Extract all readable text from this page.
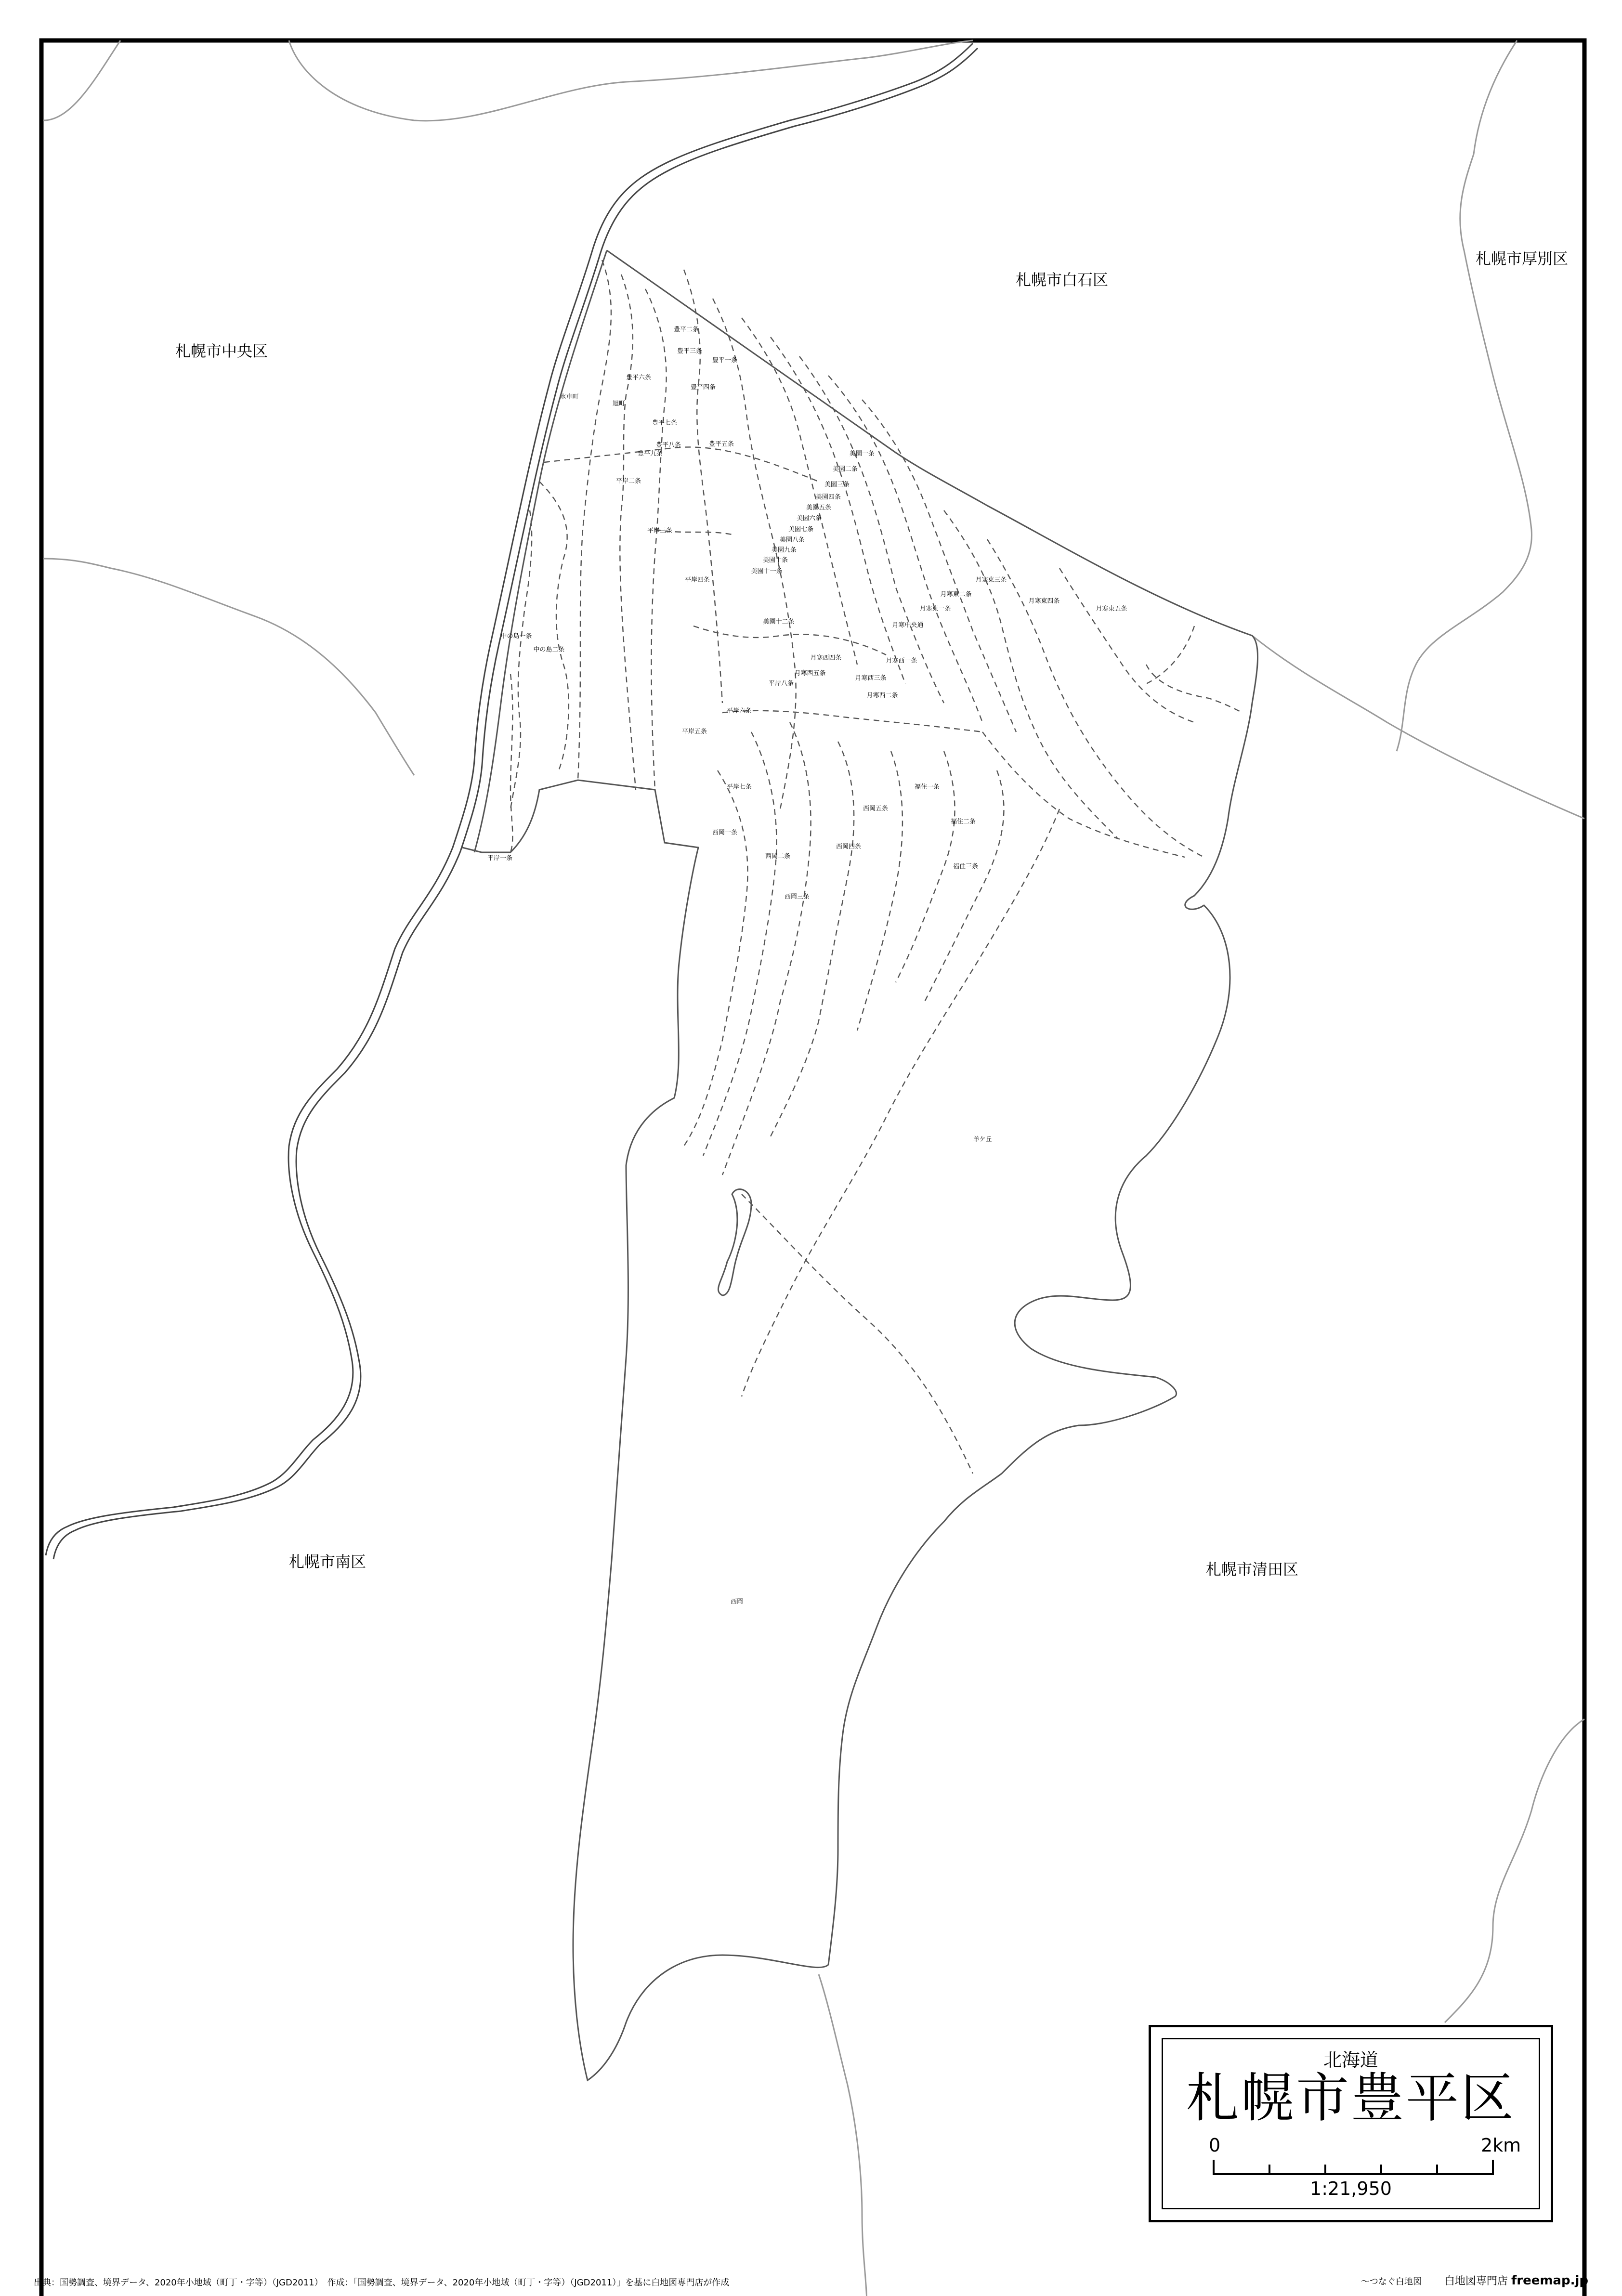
札幌市中央区
札幌市白石区
札幌市厚別区
札幌市南区	札幌市清田区
豊平一条
豊平二条
豊平三条
豊平四条
豊平五条
豊平六条
豊平七条
豊平八条
豊平九条
水車町
旭町
平岸一条
平岸二条
平岸三条
平岸四条
平岸五条
平岸六条
平岸七条
平岸八条
中の島一条
中の島二条
美園一条
美園二条
美園三条
美園四条
美園五条
美園六条
美園七条
美園八条
美園九条
美園十条
美園十一条
美園十二条
月寒東一条
月寒東二条
月寒東三条
月寒東四条
月寒東五条
月寒中央通
月寒西一条
月寒西二条
月寒西三条
月寒西四条
月寒西五条
西岡一条
西岡二条
西岡三条
西岡四条
西岡五条
西岡
福住一条
福住二条
福住三条
羊ケ丘
北海道
札幌市豊平区
0	2km
1:21,950
出典：国勢調査、境界データ、2020年小地域（町丁・字等）（JGD2011）　作成：「国勢調査、境界データ、2020年小地域（町丁・字等）（JGD2011）」を基に白地図専門店が作成	〜つなぐ白地図 白地図専門店 freemap.jp
